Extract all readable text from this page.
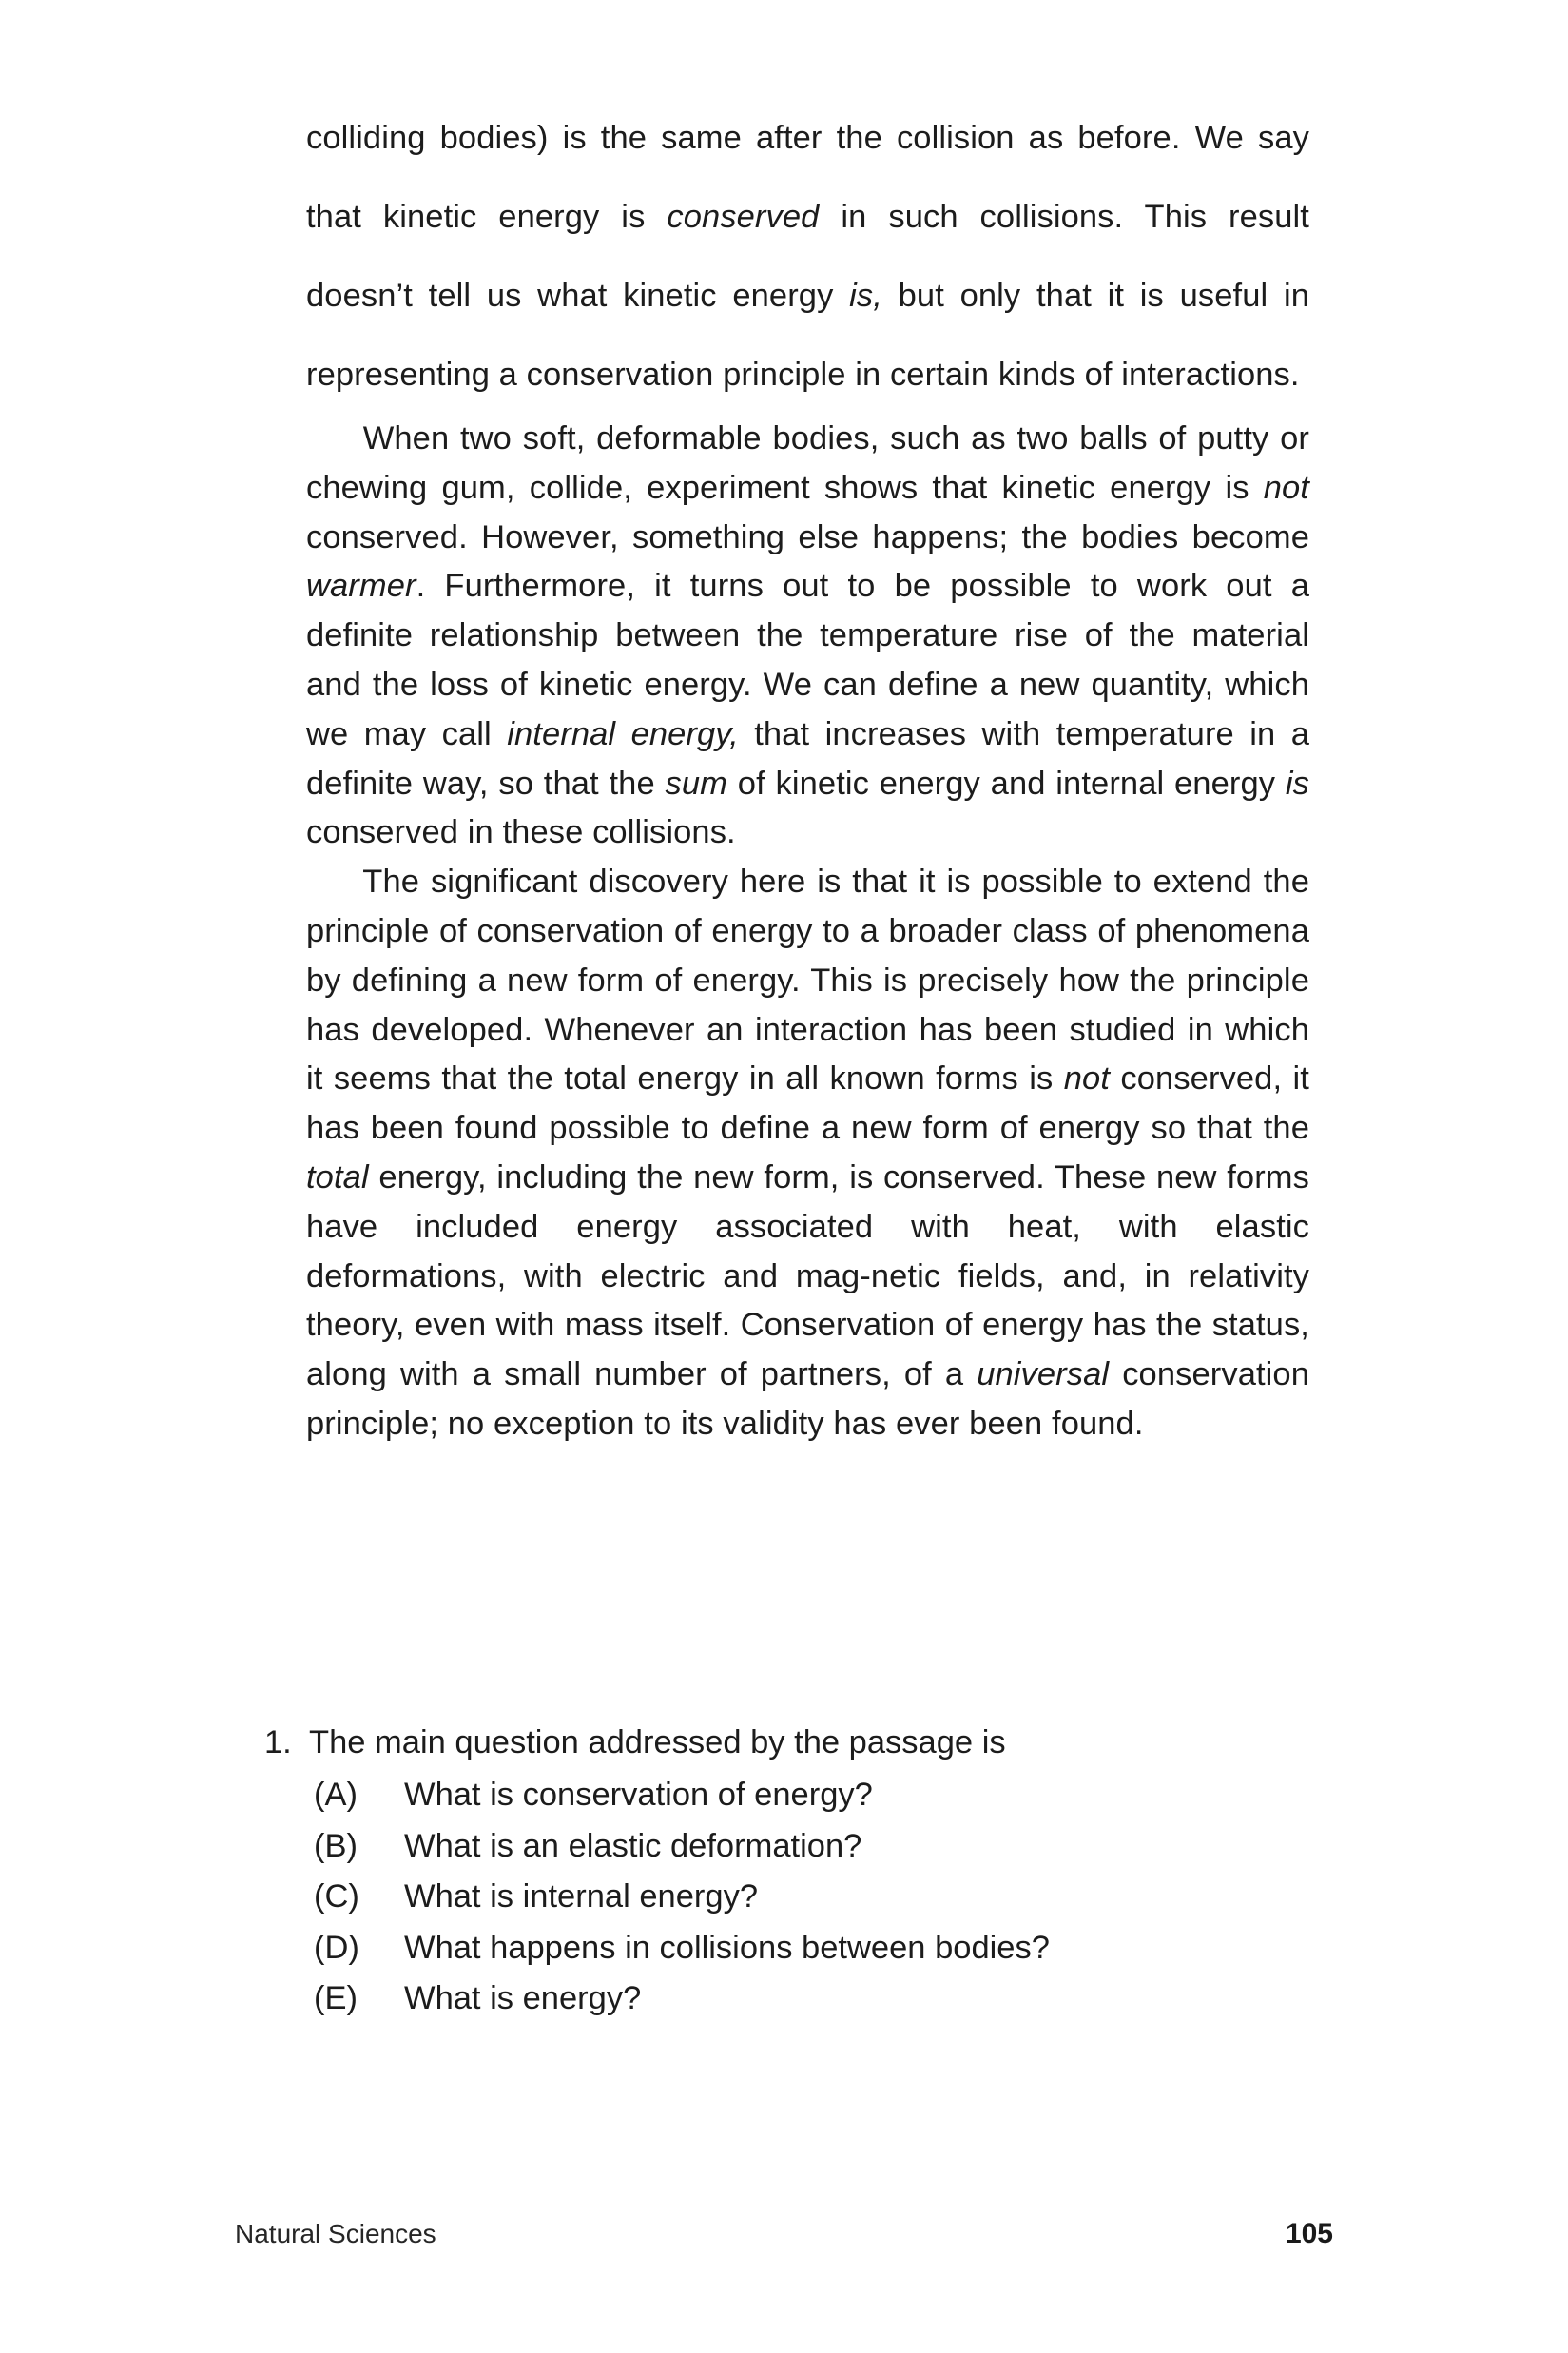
colliding bodies) is the same after the collision as before. We say that kinetic energy is conserved in such collisions. This result doesn’t tell us what kinetic energy is, but only that it is useful in representing a conservation principle in certain kinds of interactions.

When two soft, deformable bodies, such as two balls of putty or chewing gum, collide, experiment shows that kinetic energy is not conserved. However, something else happens; the bodies become warmer. Furthermore, it turns out to be possible to work out a definite relationship between the temperature rise of the material and the loss of kinetic energy. We can define a new quantity, which we may call internal energy, that increases with temperature in a definite way, so that the sum of kinetic energy and internal energy is conserved in these collisions.

The significant discovery here is that it is possible to extend the principle of conservation of energy to a broader class of phenomena by defining a new form of energy. This is precisely how the principle has developed. Whenever an interaction has been studied in which it seems that the total energy in all known forms is not conserved, it has been found possible to define a new form of energy so that the total energy, including the new form, is conserved. These new forms have included energy associated with heat, with elastic deformations, with electric and mag-netic fields, and, in relativity theory, even with mass itself. Conservation of energy has the status, along with a small number of partners, of a universal conservation principle; no exception to its validity has ever been found.

1. The main question addressed by the passage is
(A)	What is conservation of energy?
(B)	What is an elastic deformation?
(C)	What is internal energy?
(D)	What happens in collisions between bodies?
(E)	What is energy?
Natural Sciences	105
